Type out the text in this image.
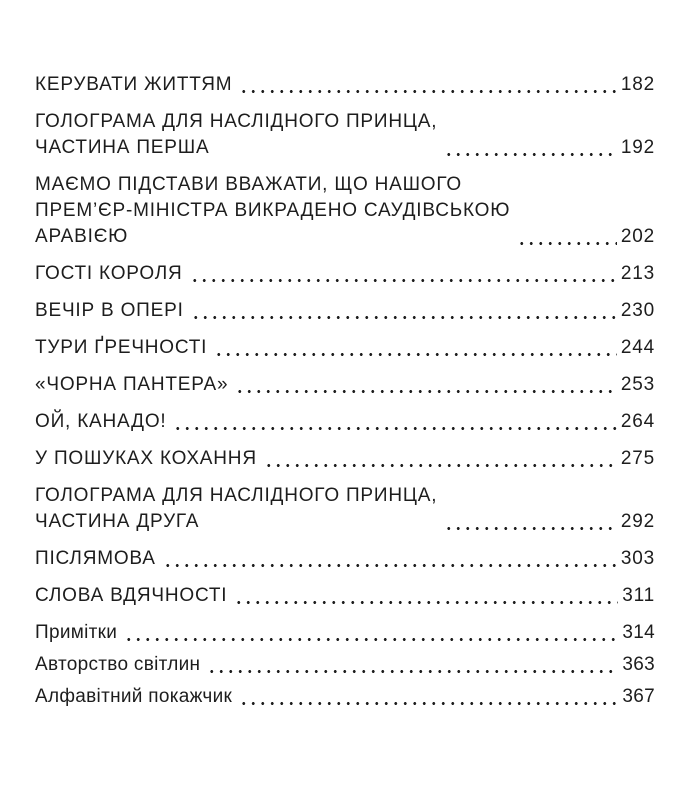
КЕРУВАТИ ЖИТТЯМ	182
ГОЛОГРАМА ДЛЯ НАСЛІДНОГО ПРИНЦА,
ЧАСТИНА ПЕРША	192
МАЄМО ПІДСТАВИ ВВАЖАТИ, ЩО НАШОГО
ПРЕМ’ЄР-МІНІСТРА ВИКРАДЕНО САУДІВСЬКОЮ
АРАВІЄЮ	202
ГОСТІ КОРОЛЯ	213
ВЕЧІР В ОПЕРІ	230
ТУРИ ҐРЕЧНОСТІ	244
«ЧОРНА ПАНТЕРА»	253
ОЙ, КАНАДО!	264
У ПОШУКАХ КОХАННЯ	275
ГОЛОГРАМА ДЛЯ НАСЛІДНОГО ПРИНЦА,
ЧАСТИНА ДРУГА	292
ПІСЛЯМОВА	303
СЛОВА ВДЯЧНОСТІ	311
Примітки	314
Авторство світлин	363
Алфавітний покажчик	367
